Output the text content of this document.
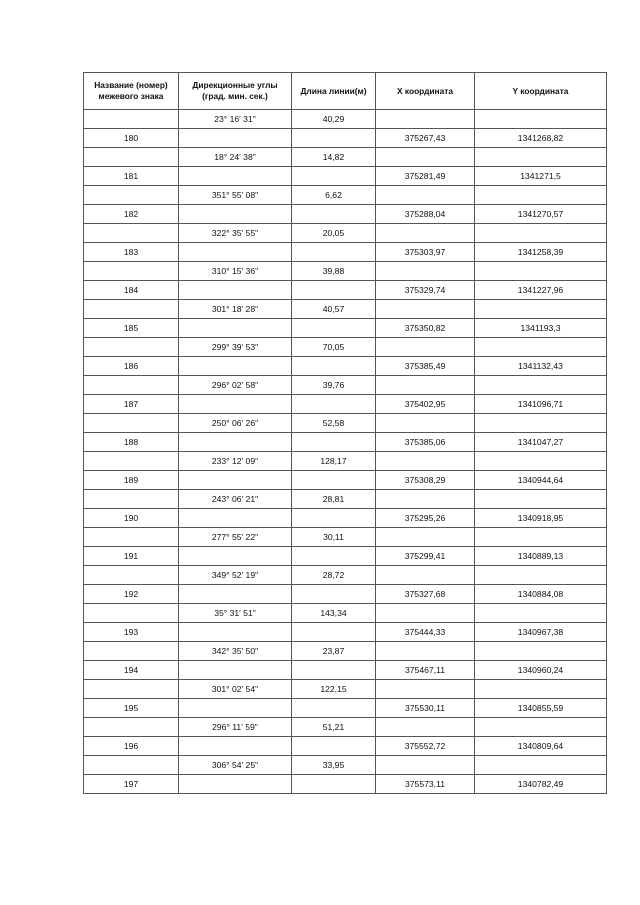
Название (номер)
межевого знака	Дирекционные углы
(град. мин. сек.)	Длина линии(м)	X координата	Y координата
	23° 16' 31"	40,29		
180			375267,43	1341268,82
	18° 24' 38"	14,82		
181			375281,49	1341271,5
	351° 55' 08"	6,62		
182			375288,04	1341270,57
	322° 35' 55"	20,05		
183			375303,97	1341258,39
	310° 15' 36"	39,88		
184			375329,74	1341227,96
	301° 18' 28"	40,57		
185			375350,82	1341193,3
	299° 39' 53"	70,05		
186			375385,49	1341132,43
	296° 02' 58"	39,76		
187			375402,95	1341096,71
	250° 06' 26"	52,58		
188			375385,06	1341047,27
	233° 12' 09"	128,17		
189			375308,29	1340944,64
	243° 06' 21"	28,81		
190			375295,26	1340918,95
	277° 55' 22"	30,11		
191			375299,41	1340889,13
	349° 52' 19"	28,72		
192			375327,68	1340884,08
	35° 31' 51"	143,34		
193			375444,33	1340967,38
	342° 35' 50"	23,87		
194			375467,11	1340960,24
	301° 02' 54"	122,15		
195			375530,11	1340855,59
	296° 11' 59"	51,21		
196			375552,72	1340809,64
	306° 54' 25"	33,95		
197			375573,11	1340782,49
